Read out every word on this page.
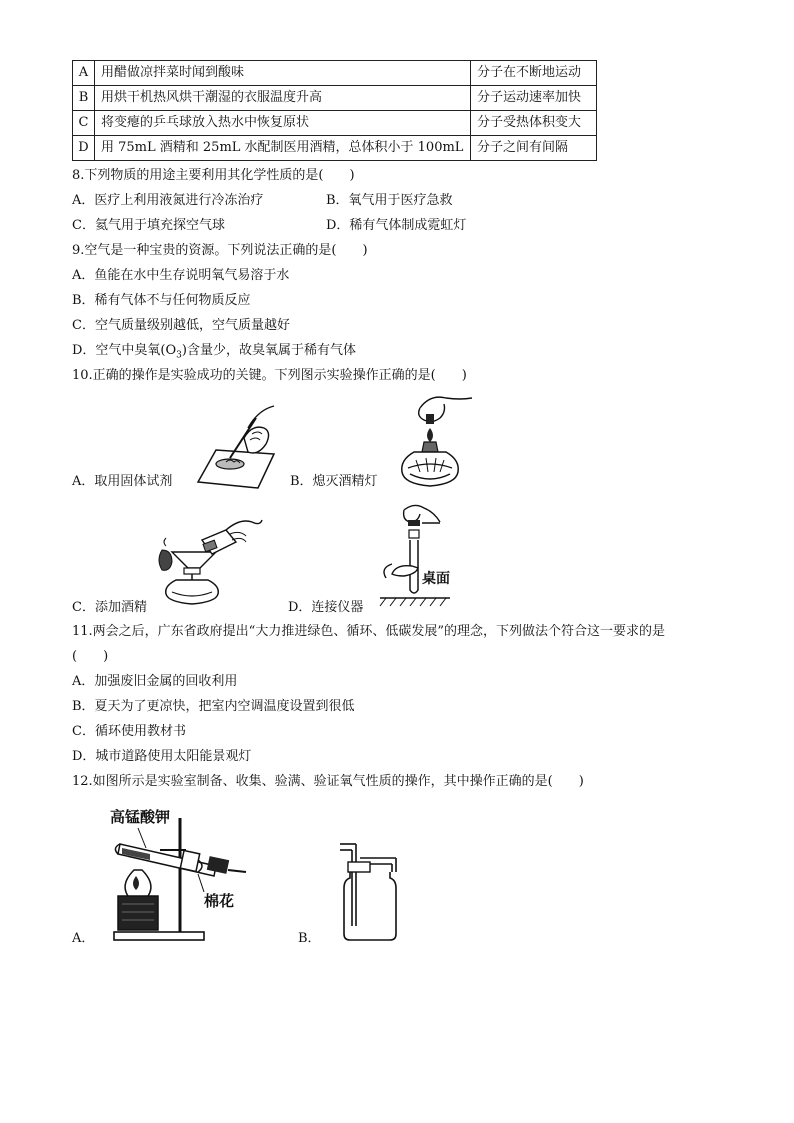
A	用醋做凉拌菜时闻到酸味	分子在不断地运动
B	用烘干机热风烘干潮湿的衣服温度升高	分子运动速率加快
C	将变瘪的乒乓球放入热水中恢复原状	分子受热体积变大
D	用 75mL 酒精和 25mL 水配制医用酒精，总体积小于 100mL	分子之间有间隔
8.下列物质的用途主要利用其化学性质的是(　　)
A．医疗上利用液氮进行冷冻治疗	B．氧气用于医疗急救
C．氦气用于填充探空气球	D．稀有气体制成霓虹灯
9.空气是一种宝贵的资源。下列说法正确的是(　　)
A．鱼能在水中生存说明氧气易溶于水
B．稀有气体不与任何物质反应
C．空气质量级别越低，空气质量越好
D．空气中臭氧$(O_3)$含量少，故臭氧属于稀有气体
10.正确的操作是实验成功的关键。下列图示实验操作正确的是(　　)
A．取用固体试剂	B．熄灭酒精灯
C．添加酒精
桌面
D．连接仪器
11.两会之后，广东省政府提出“大力推进绿色、循环、低碳发展”的理念，下列做法个符合这一要求的是
(　　)
A．加强废旧金属的回收利用
B．夏天为了更凉快，把室内空调温度设置到很低
C．循环使用教材书
D．城市道路使用太阳能景观灯
12.如图所示是实验室制备、收集、验满、验证氧气性质的操作，其中操作正确的是(　　)
高锰酸钾
棉花
A．	B．
